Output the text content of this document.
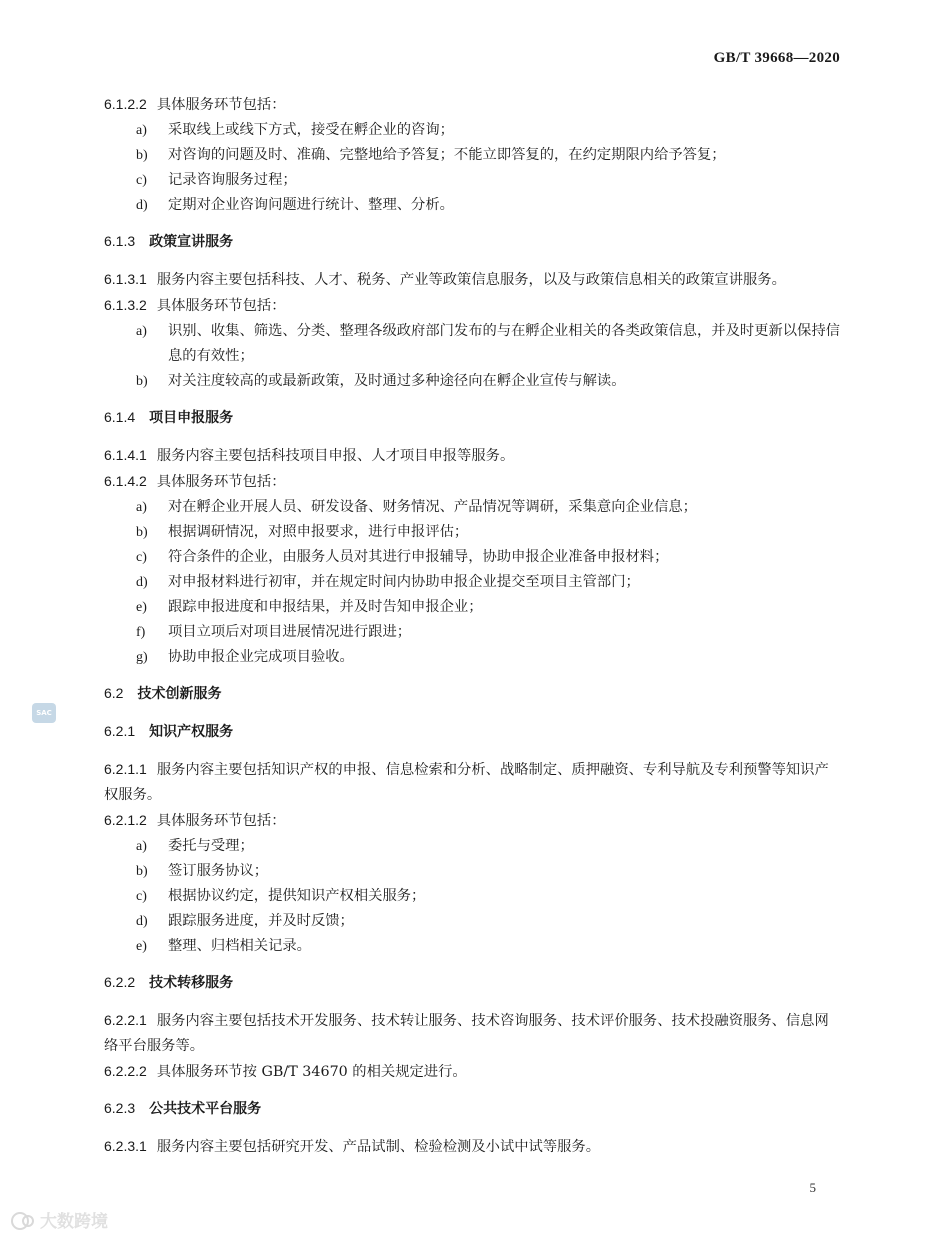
GB/T 39668—2020
6.1.2.2 具体服务环节包括：
a) 采取线上或线下方式，接受在孵企业的咨询；
b) 对咨询的问题及时、准确、完整地给予答复；不能立即答复的，在约定期限内给予答复；
c) 记录咨询服务过程；
d) 定期对企业咨询问题进行统计、整理、分析。
6.1.3 政策宣讲服务
6.1.3.1 服务内容主要包括科技、人才、税务、产业等政策信息服务，以及与政策信息相关的政策宣讲服务。
6.1.3.2 具体服务环节包括：
a) 识别、收集、筛选、分类、整理各级政府部门发布的与在孵企业相关的各类政策信息，并及时更新以保持信息的有效性；
b) 对关注度较高的或最新政策，及时通过多种途径向在孵企业宣传与解读。
6.1.4 项目申报服务
6.1.4.1 服务内容主要包括科技项目申报、人才项目申报等服务。
6.1.4.2 具体服务环节包括：
a) 对在孵企业开展人员、研发设备、财务情况、产品情况等调研，采集意向企业信息；
b) 根据调研情况，对照申报要求，进行申报评估；
c) 符合条件的企业，由服务人员对其进行申报辅导，协助申报企业准备申报材料；
d) 对申报材料进行初审，并在规定时间内协助申报企业提交至项目主管部门；
e) 跟踪申报进度和申报结果，并及时告知申报企业；
f) 项目立项后对项目进展情况进行跟进；
g) 协助申报企业完成项目验收。
6.2 技术创新服务
6.2.1 知识产权服务
6.2.1.1 服务内容主要包括知识产权的申报、信息检索和分析、战略制定、质押融资、专利导航及专利预警等知识产权服务。
6.2.1.2 具体服务环节包括：
a) 委托与受理；
b) 签订服务协议；
c) 根据协议约定，提供知识产权相关服务；
d) 跟踪服务进度，并及时反馈；
e) 整理、归档相关记录。
6.2.2 技术转移服务
6.2.2.1 服务内容主要包括技术开发服务、技术转让服务、技术咨询服务、技术评价服务、技术投融资服务、信息网络平台服务等。
6.2.2.2 具体服务环节按 GB/T 34670 的相关规定进行。
6.2.3 公共技术平台服务
6.2.3.1 服务内容主要包括研究开发、产品试制、检验检测及小试中试等服务。
SAC
5
大数跨境
